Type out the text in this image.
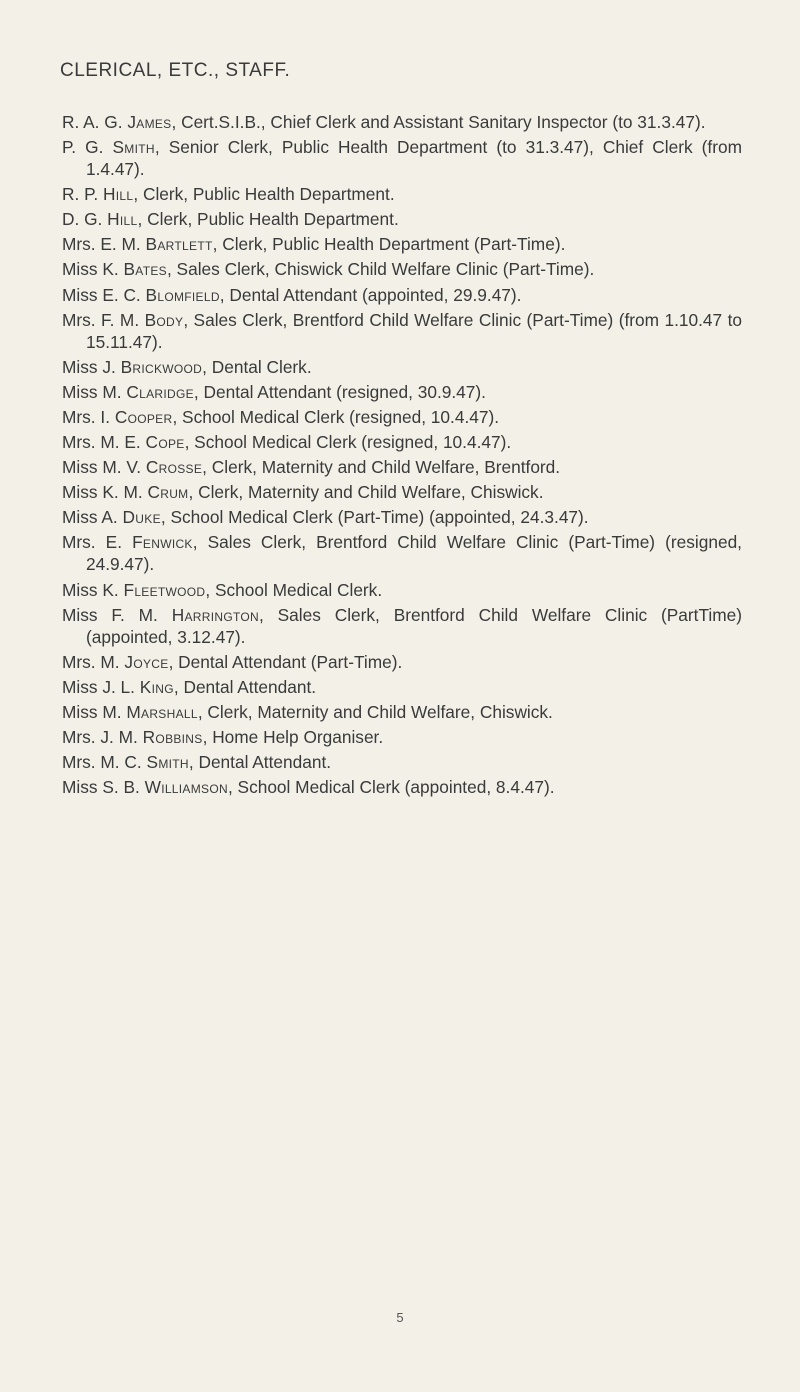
CLERICAL, ETC., STAFF.
R. A. G. James, Cert.S.I.B., Chief Clerk and Assistant Sanitary Inspector (to 31.3.47).
P. G. Smith, Senior Clerk, Public Health Department (to 31.3.47), Chief Clerk (from 1.4.47).
R. P. Hill, Clerk, Public Health Department.
D. G. Hill, Clerk, Public Health Department.
Mrs. E. M. Bartlett, Clerk, Public Health Department (Part-Time).
Miss K. Bates, Sales Clerk, Chiswick Child Welfare Clinic (Part-Time).
Miss E. C. Blomfield, Dental Attendant (appointed, 29.9.47).
Mrs. F. M. Body, Sales Clerk, Brentford Child Welfare Clinic (Part-Time) (from 1.10.47 to 15.11.47).
Miss J. Brickwood, Dental Clerk.
Miss M. Claridge, Dental Attendant (resigned, 30.9.47).
Mrs. I. Cooper, School Medical Clerk (resigned, 10.4.47).
Mrs. M. E. Cope, School Medical Clerk (resigned, 10.4.47).
Miss M. V. Crosse, Clerk, Maternity and Child Welfare, Brentford.
Miss K. M. Crum, Clerk, Maternity and Child Welfare, Chiswick.
Miss A. Duke, School Medical Clerk (Part-Time) (appointed, 24.3.47).
Mrs. E. Fenwick, Sales Clerk, Brentford Child Welfare Clinic (Part-Time) (resigned, 24.9.47).
Miss K. Fleetwood, School Medical Clerk.
Miss F. M. Harrington, Sales Clerk, Brentford Child Welfare Clinic (PartTime) (appointed, 3.12.47).
Mrs. M. Joyce, Dental Attendant (Part-Time).
Miss J. L. King, Dental Attendant.
Miss M. Marshall, Clerk, Maternity and Child Welfare, Chiswick.
Mrs. J. M. Robbins, Home Help Organiser.
Mrs. M. C. Smith, Dental Attendant.
Miss S. B. Williamson, School Medical Clerk (appointed, 8.4.47).
5
